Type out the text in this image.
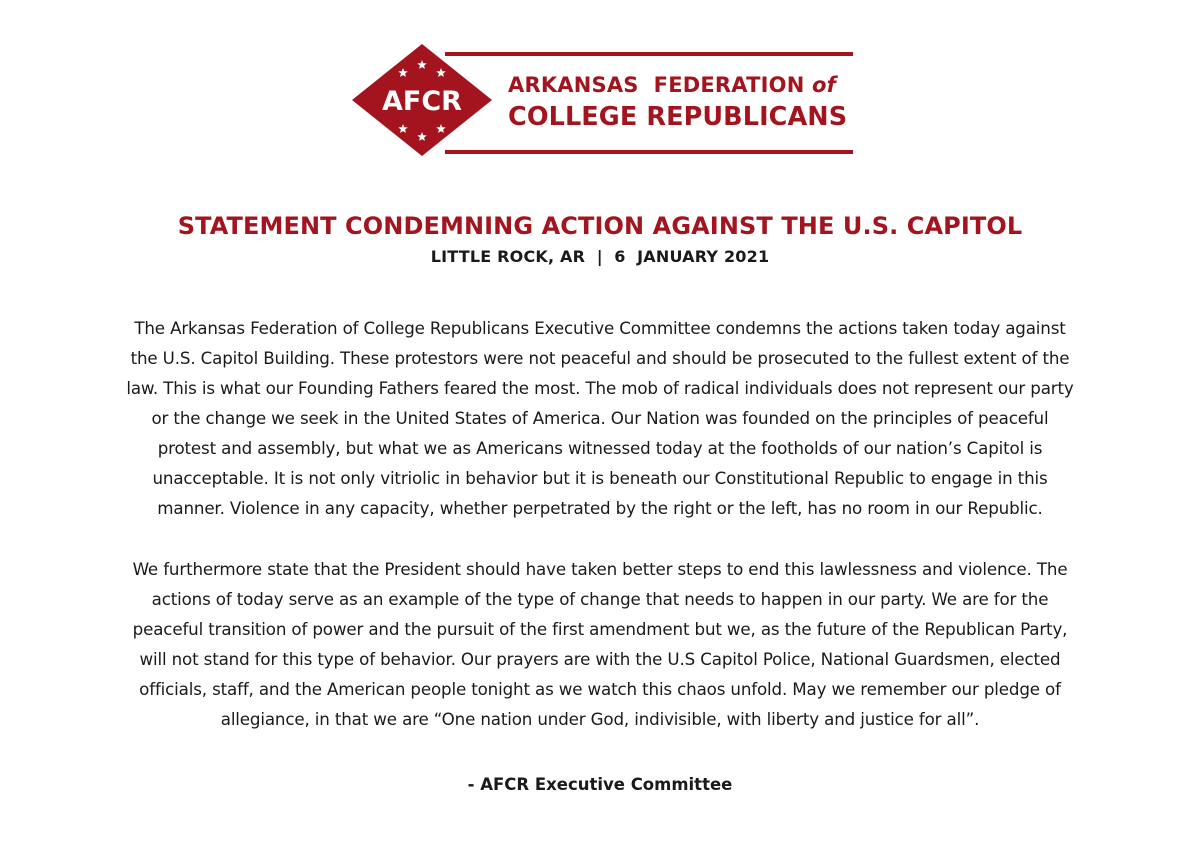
AFCR
ARKANSAS  FEDERATION of
COLLEGE REPUBLICANS
STATEMENT CONDEMNING ACTION AGAINST THE U.S. CAPITOL
LITTLE ROCK, AR  |  6  JANUARY 2021
The Arkansas Federation of College Republicans Executive Committee condemns the actions taken today against
the U.S. Capitol Building. These protestors were not peaceful and should be prosecuted to the fullest extent of the
law. This is what our Founding Fathers feared the most. The mob of radical individuals does not represent our party
or the change we seek in the United States of America. Our Nation was founded on the principles of peaceful
protest and assembly, but what we as Americans witnessed today at the footholds of our nation’s Capitol is
unacceptable. It is not only vitriolic in behavior but it is beneath our Constitutional Republic to engage in this
manner. Violence in any capacity, whether perpetrated by the right or the left, has no room in our Republic.
We furthermore state that the President should have taken better steps to end this lawlessness and violence. The
actions of today serve as an example of the type of change that needs to happen in our party. We are for the
peaceful transition of power and the pursuit of the first amendment but we, as the future of the Republican Party,
will not stand for this type of behavior. Our prayers are with the U.S Capitol Police, National Guardsmen, elected
officials, staff, and the American people tonight as we watch this chaos unfold. May we remember our pledge of
allegiance, in that we are “One nation under God, indivisible, with liberty and justice for all”.
- AFCR Executive Committee
